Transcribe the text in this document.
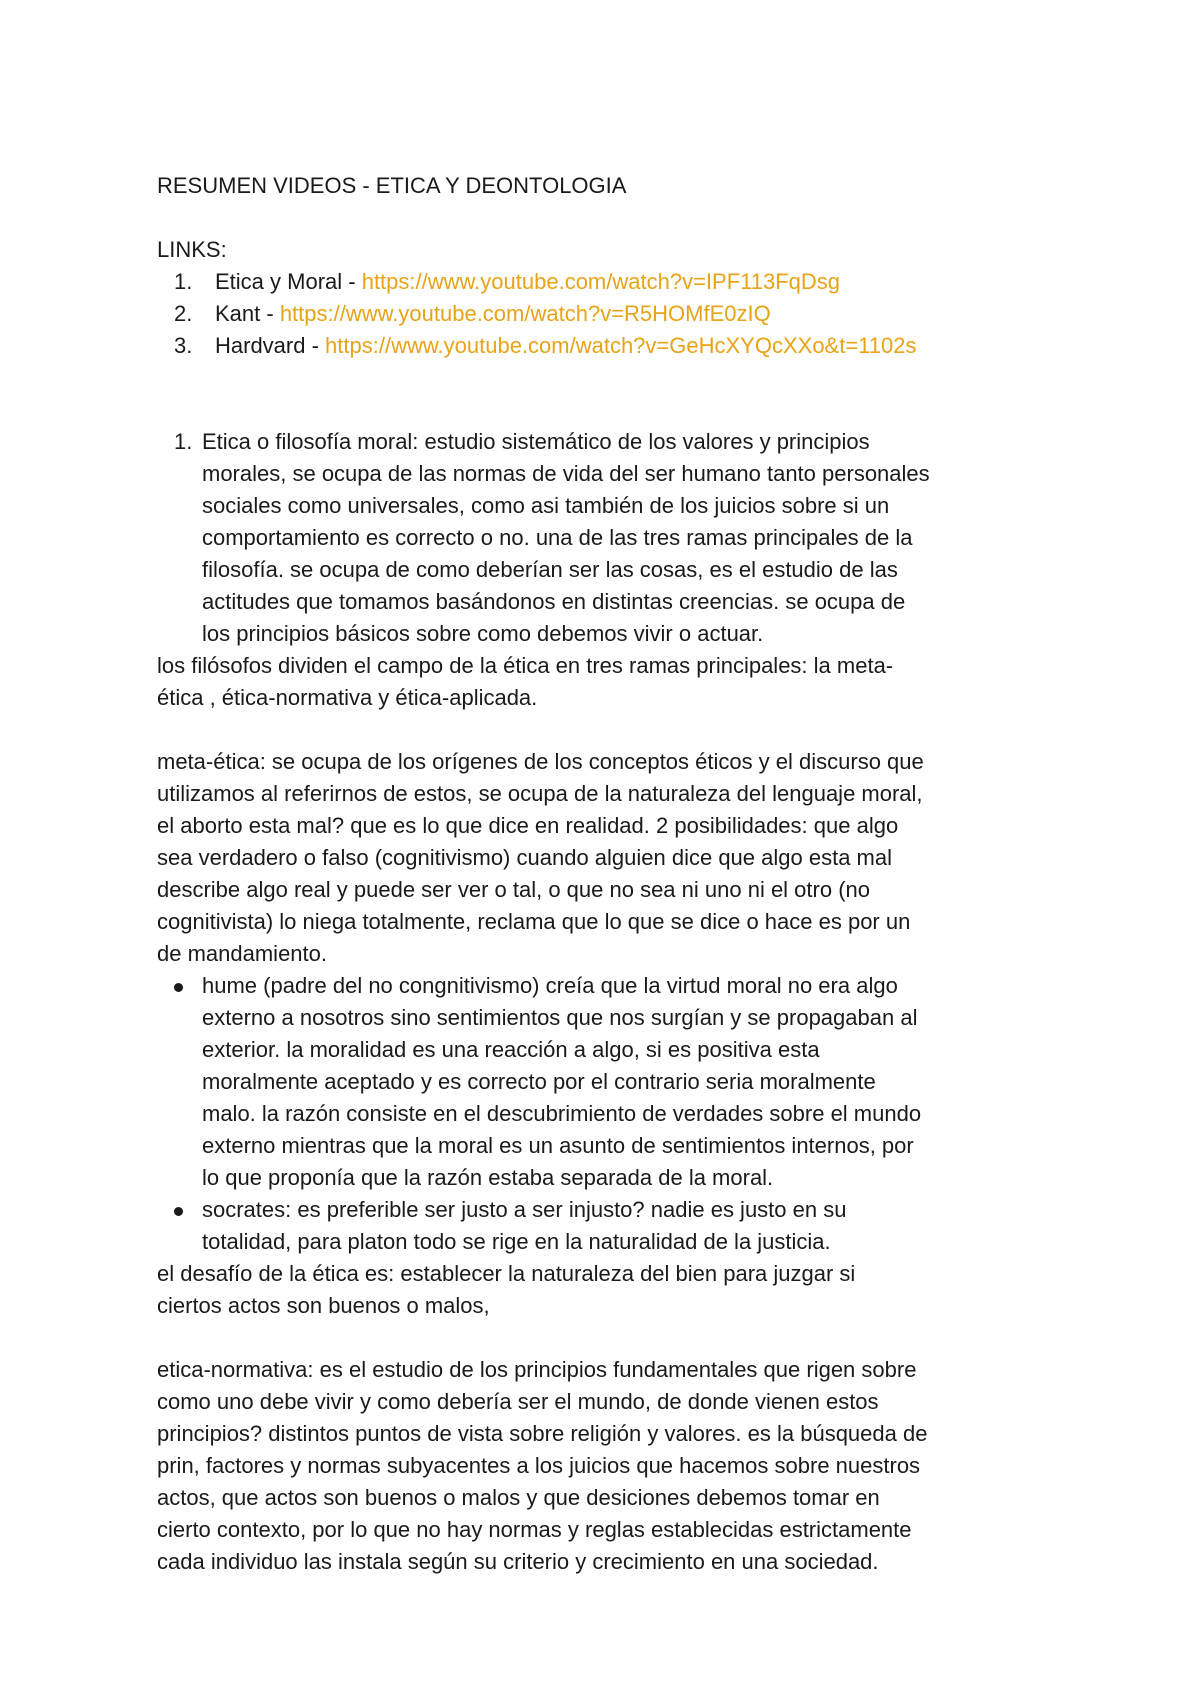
RESUMEN VIDEOS - ETICA Y DEONTOLOGIA

LINKS:

1. Etica y Moral - https://www.youtube.com/watch?v=IPF113FqDsg
2. Kant - https://www.youtube.com/watch?v=R5HOMfE0zIQ
3. Hardvard - https://www.youtube.com/watch?v=GeHcXYQcXXo&t=1102s
1. Etica o filosofía moral: estudio sistemático de los valores y principios
morales, se ocupa de las normas de vida del ser humano tanto personales
sociales como universales, como asi también de los juicios sobre si un
comportamiento es correcto o no. una de las tres ramas principales de la
filosofía. se ocupa de como deberían ser las cosas, es el estudio de las
actitudes que tomamos basándonos en distintas creencias. se ocupa de
los principios básicos sobre como debemos vivir o actuar.
los filósofos dividen el campo de la ética en tres ramas principales: la meta-
ética , ética-normativa y ética-aplicada.
meta-ética: se ocupa de los orígenes de los conceptos éticos y el discurso que
utilizamos al referirnos de estos, se ocupa de la naturaleza del lenguaje moral,
el aborto esta mal? que es lo que dice en realidad. 2 posibilidades: que algo
sea verdadero o falso (cognitivismo) cuando alguien dice que algo esta mal
describe algo real y puede ser ver o tal, o que no sea ni uno ni el otro (no
cognitivista) lo niega totalmente, reclama que lo que se dice o hace es por un
de mandamiento.
hume (padre del no congnitivismo) creía que la virtud moral no era algo
externo a nosotros sino sentimientos que nos surgían y se propagaban al
exterior. la moralidad es una reacción a algo, si es positiva esta
moralmente aceptado y es correcto por el contrario seria moralmente
malo. la razón consiste en el descubrimiento de verdades sobre el mundo
externo mientras que la moral es un asunto de sentimientos internos, por
lo que proponía que la razón estaba separada de la moral.
socrates: es preferible ser justo a ser injusto? nadie es justo en su
totalidad, para platon todo se rige en la naturalidad de la justicia.
el desafío de la ética es: establecer la naturaleza del bien para juzgar si
ciertos actos son buenos o malos,
etica-normativa: es el estudio de los principios fundamentales que rigen sobre
como uno debe vivir y como debería ser el mundo, de donde vienen estos
principios? distintos puntos de vista sobre religión y valores. es la búsqueda de
prin, factores y normas subyacentes a los juicios que hacemos sobre nuestros
actos, que actos son buenos o malos y que desiciones debemos tomar en
cierto contexto, por lo que no hay normas y reglas establecidas estrictamente
cada individuo las instala según su criterio y crecimiento en una sociedad.
